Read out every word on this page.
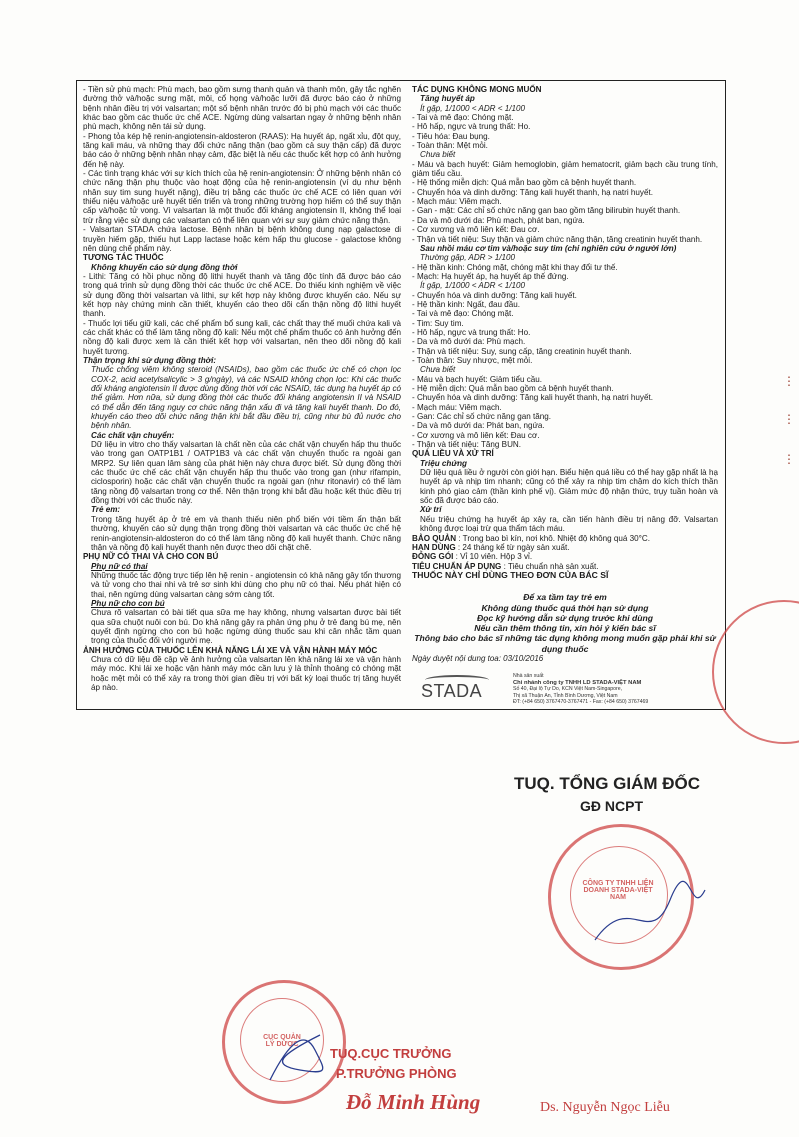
- Tiền sử phù mạch: Phù mạch, bao gồm sưng thanh quản và thanh môn, gây tắc nghẽn đường thở và/hoặc sưng mặt, môi, cổ họng và/hoặc lưỡi đã được báo cáo ở những bệnh nhân điều trị với valsartan; một số bệnh nhân trước đó bị phù mạch với các thuốc khác bao gồm các thuốc ức chế ACE. Ngừng dùng valsartan ngay ở những bệnh nhân phù mạch, không nên tái sử dụng.

- Phong tỏa kép hệ renin-angiotensin-aldosteron (RAAS): Hạ huyết áp, ngất xỉu, đột quỵ, tăng kali máu, và những thay đổi chức năng thận (bao gồm cả suy thận cấp) đã được báo cáo ở những bệnh nhân nhạy cảm, đặc biệt là nếu các thuốc kết hợp có ảnh hưởng đến hệ này.

- Các tình trạng khác với sự kích thích của hệ renin-angiotensin: Ở những bệnh nhân có chức năng thận phụ thuộc vào hoạt động của hệ renin-angiotensin (ví dụ như bệnh nhân suy tim sung huyết nặng), điều trị bằng các thuốc ức chế ACE có liên quan với thiểu niệu và/hoặc urê huyết tiến triển và trong những trường hợp hiếm có thể suy thận cấp và/hoặc tử vong. Vì valsartan là một thuốc đối kháng angiotensin II, không thể loại trừ rằng việc sử dụng các valsartan có thể liên quan với sự suy giảm chức năng thận.

- Valsartan STADA chứa lactose. Bệnh nhân bị bệnh không dung nạp galactose di truyền hiếm gặp, thiếu hụt Lapp lactase hoặc kém hấp thu glucose - galactose không nên dùng chế phẩm này.

TƯƠNG TÁC THUỐC

Không khuyến cáo sử dụng đồng thời

- Lithi: Tăng có hồi phục nồng độ lithi huyết thanh và tăng độc tính đã được báo cáo trong quá trình sử dụng đồng thời các thuốc ức chế ACE. Do thiếu kinh nghiệm về việc sử dụng đồng thời valsartan và lithi, sự kết hợp này không được khuyến cáo. Nếu sự kết hợp này chứng minh cần thiết, khuyến cáo theo dõi cẩn thận nồng độ lithi huyết thanh.

- Thuốc lợi tiểu giữ kali, các chế phẩm bổ sung kali, các chất thay thế muối chứa kali và các chất khác có thể làm tăng nồng độ kali: Nếu một chế phẩm thuốc có ảnh hưởng đến nồng độ kali được xem là cần thiết kết hợp với valsartan, nên theo dõi nồng độ kali huyết tương.

Thận trọng khi sử dụng đồng thời:

Thuốc chống viêm không steroid (NSAIDs), bao gồm các thuốc ức chế có chọn lọc COX-2, acid acetylsalicylic > 3 g/ngày), và các NSAID không chọn lọc: Khi các thuốc đối kháng angiotensin II được dùng đồng thời với các NSAID, tác dụng hạ huyết áp có thể giảm. Hơn nữa, sử dụng đồng thời các thuốc đối kháng angiotensin II và NSAID có thể dẫn đến tăng nguy cơ chức năng thận xấu đi và tăng kali huyết thanh. Do đó, khuyến cáo theo dõi chức năng thận khi bắt đầu điều trị, cũng như bù đủ nước cho bệnh nhân.

Các chất vận chuyển:

Dữ liệu in vitro cho thấy valsartan là chất nền của các chất vận chuyển hấp thu thuốc vào trong gan OATP1B1 / OATP1B3 và các chất vận chuyển thuốc ra ngoài gan MRP2. Sự liên quan lâm sàng của phát hiện này chưa được biết. Sử dụng đồng thời các thuốc ức chế các chất vận chuyển hấp thu thuốc vào trong gan (như rifampin, ciclosporin) hoặc các chất vận chuyển thuốc ra ngoài gan (như ritonavir) có thể làm tăng nồng độ valsartan trong cơ thể. Nên thận trọng khi bắt đầu hoặc kết thúc điều trị đồng thời với các thuốc này.

Trẻ em:

Trong tăng huyết áp ở trẻ em và thanh thiếu niên phổ biến với tiềm ẩn thận bất thường, khuyến cáo sử dụng thận trọng đồng thời valsartan và các thuốc ức chế hệ renin-angiotensin-aldosteron do có thể làm tăng nồng độ kali huyết thanh. Chức năng thận và nồng độ kali huyết thanh nên được theo dõi chặt chẽ.

PHỤ NỮ CÓ THAI VÀ CHO CON BÚ

Phụ nữ có thai

Những thuốc tác động trực tiếp lên hệ renin - angiotensin có khả năng gây tổn thương và tử vong cho thai nhi và trẻ sơ sinh khi dùng cho phụ nữ có thai. Nếu phát hiện có thai, nên ngừng dùng valsartan càng sớm càng tốt.

Phụ nữ cho con bú

Chưa rõ valsartan có bài tiết qua sữa mẹ hay không, nhưng valsartan được bài tiết qua sữa chuột nuôi con bú. Do khả năng gây ra phản ứng phụ ở trẻ đang bú mẹ, nên quyết định ngừng cho con bú hoặc ngừng dùng thuốc sau khi cân nhắc tầm quan trọng của thuốc đối với người mẹ.

ẢNH HƯỞNG CỦA THUỐC LÊN KHẢ NĂNG LÁI XE VÀ VẬN HÀNH MÁY MÓC

Chưa có dữ liệu đề cập về ảnh hưởng của valsartan lên khả năng lái xe và vận hành máy móc. Khi lái xe hoặc vận hành máy móc cần lưu ý là thỉnh thoảng có chóng mặt hoặc mệt mỏi có thể xảy ra trong thời gian điều trị với bất kỳ loại thuốc trị tăng huyết áp nào.

TÁC DỤNG KHÔNG MONG MUỐN

Tăng huyết áp

Ít gặp, 1/1000 < ADR < 1/100

- Tai và mê đạo: Chóng mặt.

- Hô hấp, ngực và trung thất: Ho.

- Tiêu hóa: Đau bụng.

- Toàn thân: Mệt mỏi.

Chưa biết

- Máu và bạch huyết: Giảm hemoglobin, giảm hematocrit, giảm bạch cầu trung tính, giảm tiểu cầu.

- Hệ thống miễn dịch: Quá mẫn bao gồm cả bệnh huyết thanh.

- Chuyển hóa và dinh dưỡng: Tăng kali huyết thanh, hạ natri huyết.

- Mạch máu: Viêm mạch.

- Gan - mật: Các chỉ số chức năng gan bao gồm tăng bilirubin huyết thanh.

- Da và mô dưới da: Phù mạch, phát ban, ngứa.

- Cơ xương và mô liên kết: Đau cơ.

- Thận và tiết niệu: Suy thận và giảm chức năng thận, tăng creatinin huyết thanh.

Sau nhồi máu cơ tim và/hoặc suy tim (chỉ nghiên cứu ở người lớn)

Thường gặp, ADR > 1/100

- Hệ thần kinh: Chóng mặt, chóng mặt khi thay đổi tư thế.

- Mạch: Hạ huyết áp, hạ huyết áp thế đứng.

Ít gặp, 1/1000 < ADR < 1/100

- Chuyển hóa và dinh dưỡng: Tăng kali huyết.

- Hệ thần kinh: Ngất, đau đầu.

- Tai và mê đạo: Chóng mặt.

- Tim: Suy tim.

- Hô hấp, ngực và trung thất: Ho.

- Da và mô dưới da: Phù mạch.

- Thận và tiết niệu: Suy, sung cấp, tăng creatinin huyết thanh.

- Toàn thân: Suy nhược, mệt mỏi.

Chưa biết

- Máu và bạch huyết: Giảm tiểu cầu.

- Hệ miễn dịch: Quá mẫn bao gồm cả bệnh huyết thanh.

- Chuyển hóa và dinh dưỡng: Tăng kali huyết thanh, hạ natri huyết.

- Mạch máu: Viêm mạch.

- Gan: Các chỉ số chức năng gan tăng.

- Da và mô dưới da: Phát ban, ngứa.

- Cơ xương và mô liên kết: Đau cơ.

- Thận và tiết niệu: Tăng BUN.

QUÁ LIỀU VÀ XỬ TRÍ

Triệu chứng

Dữ liệu quá liều ở người còn giới hạn. Biểu hiện quá liều có thể hay gặp nhất là hạ huyết áp và nhịp tim nhanh; cũng có thể xảy ra nhịp tim chậm do kích thích thần kinh phó giao cảm (thần kinh phế vị). Giảm mức độ nhận thức, trụy tuần hoàn và sốc đã được báo cáo.

Xử trí

Nếu triệu chứng hạ huyết áp xảy ra, cần tiến hành điều trị nâng đỡ. Valsartan không được loại trừ qua thẩm tách máu.

BẢO QUẢN : Trong bao bì kín, nơi khô. Nhiệt độ không quá 30°C.

HẠN DÙNG : 24 tháng kể từ ngày sản xuất.

ĐÓNG GÓI : Vỉ 10 viên. Hộp 3 vỉ.

TIÊU CHUẨN ÁP DỤNG : Tiêu chuẩn nhà sản xuất.

THUỐC NÀY CHỈ DÙNG THEO ĐƠN CỦA BÁC SĨ

Để xa tầm tay trẻ em
Không dùng thuốc quá thời hạn sử dụng
Đọc kỹ hướng dẫn sử dụng trước khi dùng
Nếu cần thêm thông tin, xin hỏi ý kiến bác sĩ
Thông báo cho bác sĩ những tác dụng không mong muốn gặp phải khi sử dụng thuốc

Ngày duyệt nội dung toa: 03/10/2016

STADA
Nhà sản xuất
Chi nhánh công ty TNHH LD STADA-VIỆT NAM
Số 40, Đại lộ Tự Do, KCN Việt Nam-Singapore,
Thị xã Thuận An, Tỉnh Bình Dương, Việt Nam
ĐT: (+84 650) 3767470-3767471 - Fax: (+84 650) 3767469
TUQ. TỔNG GIÁM ĐỐC
GĐ NCPT
Ds. Nguyễn Ngọc Liễu
TUQ.CỤC TRƯỞNG
P.TRƯỞNG PHÒNG
Đỗ Minh Hùng
CỤC QUẢN LÝ DƯỢC
CÔNG TY TNHH LIÊN DOANH STADA-VIỆT NAM
⋮
⋮
⋮
